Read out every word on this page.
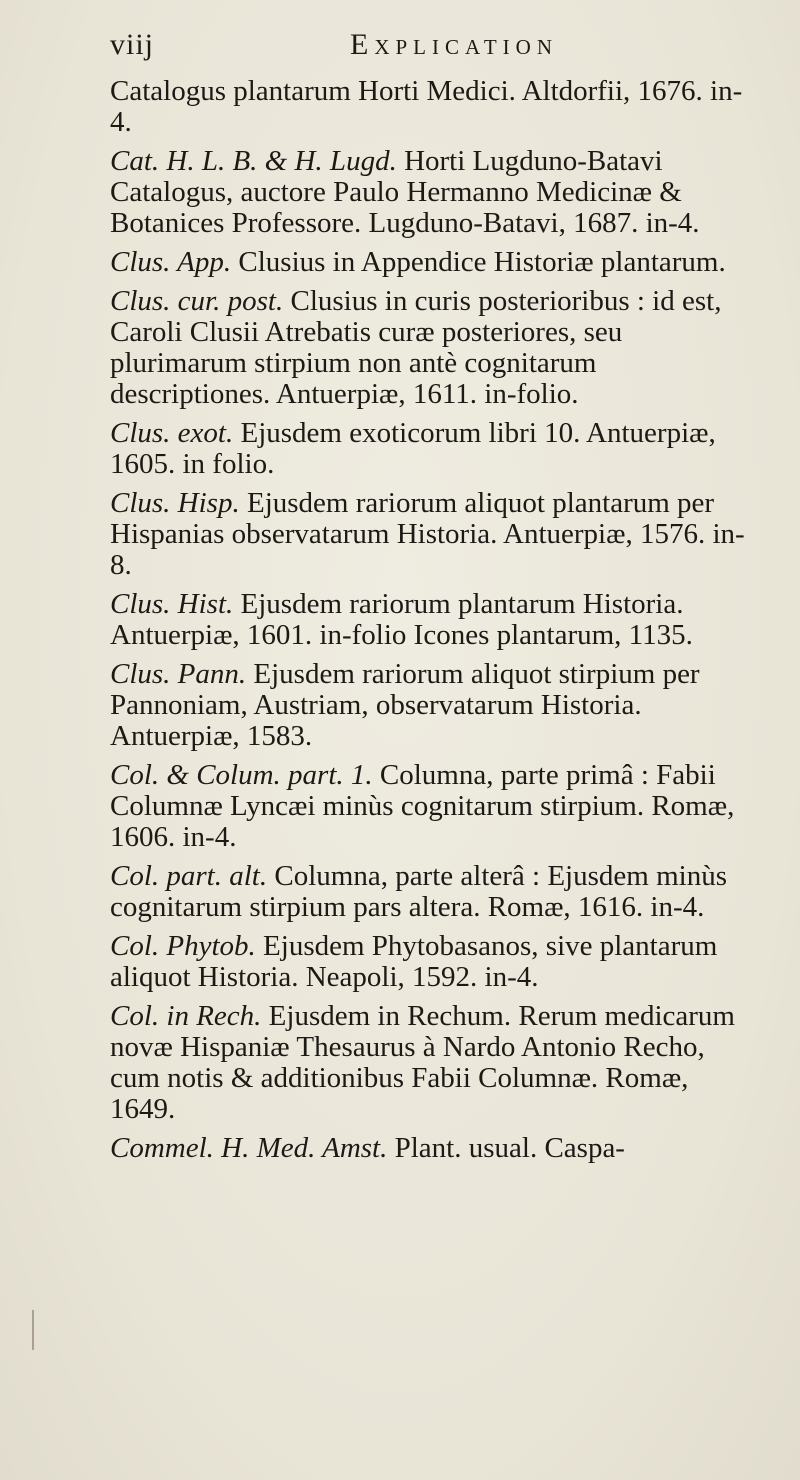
viij	Explication

Catalogus plantarum Horti Medici. Altdorfii, 1676. in-4.

Cat. H. L. B. & H. Lugd. Horti Lugduno-Batavi Catalogus, auctore Paulo Hermanno Medicinæ & Botanices Professore. Lugduno-Batavi, 1687. in-4.

Clus. App. Clusius in Appendice Historiæ plantarum.

Clus. cur. post. Clusius in curis posterioribus : id est, Caroli Clusii Atrebatis curæ posteriores, seu plurimarum stirpium non antè cognitarum descriptiones. Antuerpiæ, 1611. in-folio.

Clus. exot. Ejusdem exoticorum libri 10. Antuerpiæ, 1605. in folio.

Clus. Hisp. Ejusdem rariorum aliquot plantarum per Hispanias observatarum Historia. Antuerpiæ, 1576. in-8.

Clus. Hist. Ejusdem rariorum plantarum Historia. Antuerpiæ, 1601. in-folio Icones plantarum, 1135.

Clus. Pann. Ejusdem rariorum aliquot stirpium per Pannoniam, Austriam, observatarum Historia. Antuerpiæ, 1583.

Col. & Colum. part. 1. Columna, parte primâ : Fabii Columnæ Lyncæi minùs cognitarum stirpium. Romæ, 1606. in-4.

Col. part. alt. Columna, parte alterâ : Ejusdem minùs cognitarum stirpium pars altera. Romæ, 1616. in-4.

Col. Phytob. Ejusdem Phytobasanos, sive plantarum aliquot Historia. Neapoli, 1592. in-4.

Col. in Rech. Ejusdem in Rechum. Rerum medicarum novæ Hispaniæ Thesaurus à Nardo Antonio Recho, cum notis & additionibus Fabii Columnæ. Romæ, 1649.

Commel. H. Med. Amst. Plant. usual. Caspa-
